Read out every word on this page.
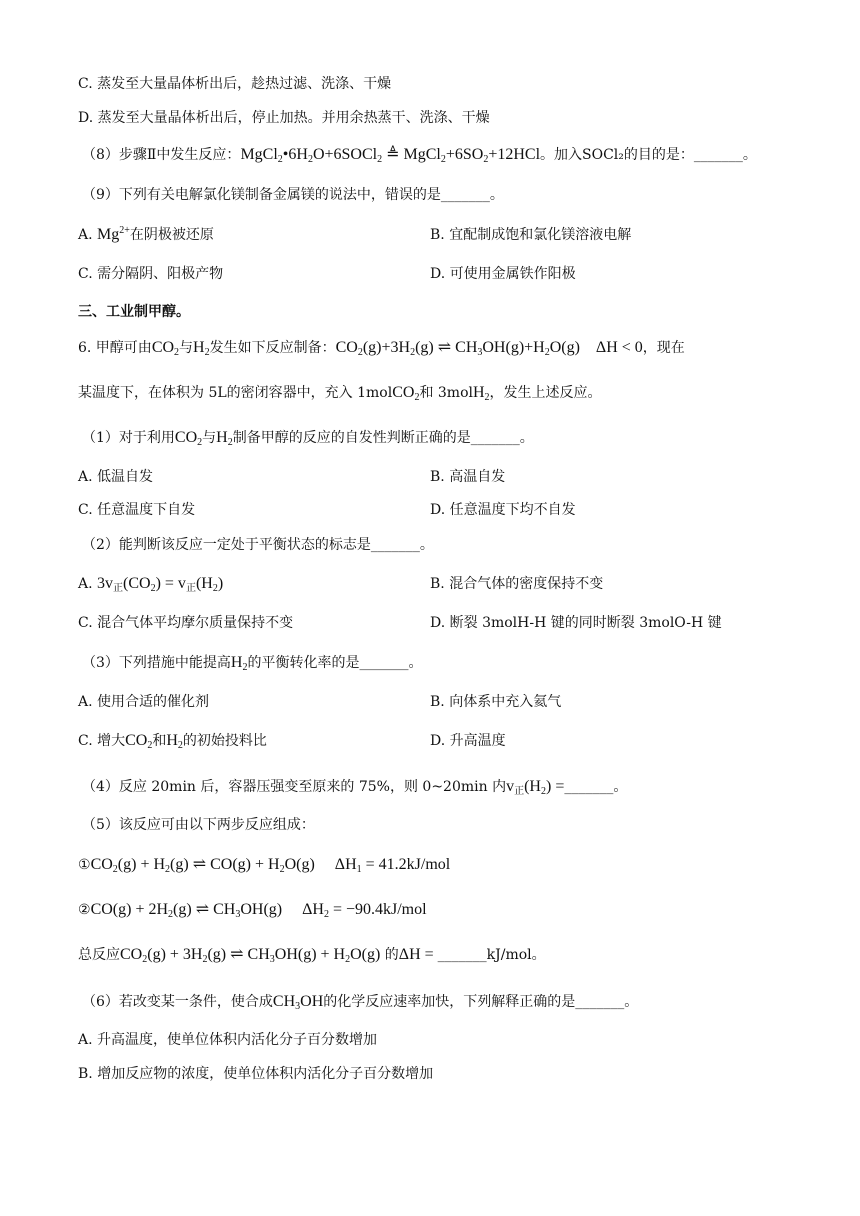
C. 蒸发至大量晶体析出后，趁热过滤、洗涤、干燥
D. 蒸发至大量晶体析出后，停止加热。并用余热蒸干、洗涤、干燥
（8）步骤Ⅱ中发生反应：$MgCl_2•6H_2O+6SOCl_2$ ≜ $MgCl_2+6SO_2+12HCl$。加入SOCl₂的目的是：_______。
（9）下列有关电解氯化镁制备金属镁的说法中，错误的是_______。
A. $Mg^{2+}$在阴极被还原	B. 宜配制成饱和氯化镁溶液电解
C. 需分隔阴、阳极产物	D. 可使用金属铁作阳极
三、工业制甲醇。
6. 甲醇可由$CO_2$与$H_2$发生如下反应制备：$CO_2(g)+3H_2(g)$ ⇌ $CH_3OH(g)+H_2O(g)$    ΔH < 0，现在
某温度下，在体积为 5L的密闭容器中，充入 1molCO$_2$和 3molH$_2$，发生上述反应。
（1）对于利用$CO_2$与$H_2$制备甲醇的反应的自发性判断正确的是_______。
A. 低温自发	B. 高温自发
C. 任意温度下自发	D. 任意温度下均不自发
（2）能判断该反应一定处于平衡状态的标志是_______。
A. $3v_正(CO_2) = v_正(H_2)$	B. 混合气体的密度保持不变
C. 混合气体平均摩尔质量保持不变	D. 断裂 3molH-H 键的同时断裂 3molO-H 键
（3）下列措施中能提高$H_2$的平衡转化率的是_______。
A. 使用合适的催化剂	B. 向体系中充入氦气
C. 增大$CO_2$和$H_2$的初始投料比	D. 升高温度
（4）反应 20min 后，容器压强变至原来的 75%，则 0~20min 内$v_正(H_2)$ =_______。
（5）该反应可由以下两步反应组成：
$①CO_2(g) + H_2(g)$ ⇌ $CO(g) + H_2O(g)$     $\Delta H_1 = 41.2kJ/mol$
②CO(g) + $2H_2(g)$ ⇌ $CH_3OH(g)$     $\Delta H_2 = -90.4kJ/mol$
总反应$CO_2(g) + 3H_2(g)$ ⇌ $CH_3OH(g) + H_2O(g)$ 的ΔH = _______kJ/mol。
（6）若改变某一条件，使合成$CH_3OH$的化学反应速率加快，下列解释正确的是_______。
A. 升高温度，使单位体积内活化分子百分数增加
B. 增加反应物的浓度，使单位体积内活化分子百分数增加
